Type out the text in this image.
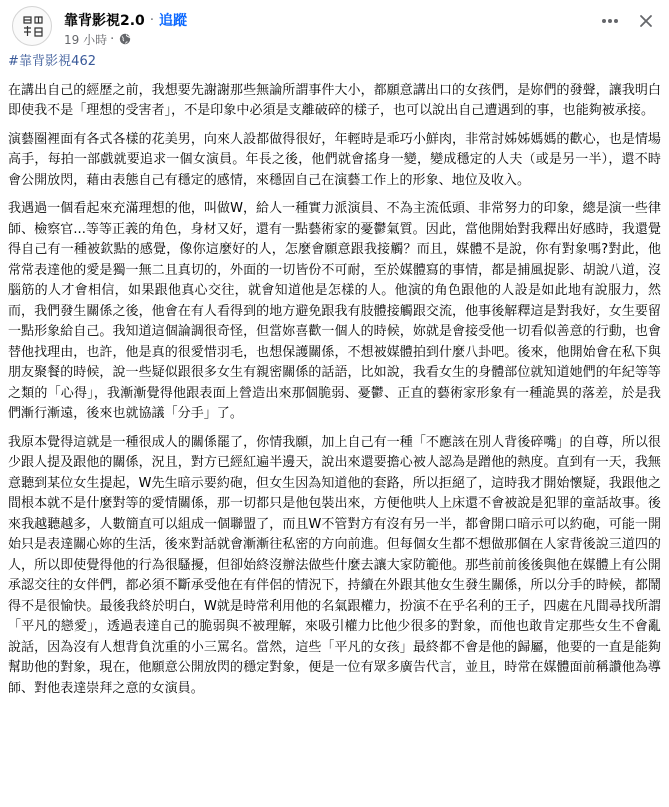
靠背影視2.0 · 追蹤
19 小時 ·
#靠背影視462

在講出自己的經歷之前，我想要先謝謝那些無論所謂事件大小，都願意講出口的女孩們，是妳們的發聲，讓我明白即使我不是「理想的受害者」，不是印象中必須是支離破碎的樣子，也可以說出自己遭遇到的事，也能夠被承接。

演藝圈裡面有各式各樣的花美男，向來人設都做得很好，年輕時是乖巧小鮮肉，非常討姊姊媽媽的歡心，也是情場高手，每拍一部戲就要追求一個女演員。年長之後，他們就會搖身一變，變成穩定的人夫（或是另一半），還不時會公開放閃，藉由表態自己有穩定的感情，來穩固自己在演藝工作上的形象、地位及收入。

我遇過一個看起來充滿理想的他，叫做W，給人一種實力派演員、不為主流低頭、非常努力的印象，總是演一些律師、檢察官...等等正義的角色，身材又好，還有一點藝術家的憂鬱氣質。因此，當他開始對我釋出好感時，我還覺得自己有一種被欽點的感覺，像你這麼好的人，怎麼會願意跟我接觸？而且，媒體不是說，你有對象嗎?對此，他常常表達他的愛是獨一無二且真切的，外面的一切皆份不可耐，至於媒體寫的事情，都是捕風捉影、胡說八道，沒腦筋的人才會相信，如果跟他真心交往，就會知道他是怎樣的人。他演的角色跟他的人設是如此地有說服力，然而，我們發生關係之後，他會在有人看得到的地方避免跟我有肢體接觸跟交流，他事後解釋這是對我好，女生要留一點形象給自己。我知道這個論調很奇怪，但當妳喜歡一個人的時候，妳就是會接受他一切看似善意的行動，也會替他找理由，也許，他是真的很愛惜羽毛，也想保護關係，不想被媒體拍到什麼八卦吧。後來，他開始會在私下與朋友聚餐的時候，說一些疑似跟很多女生有親密關係的話語，比如說，我看女生的身體部位就知道她們的年紀等等之類的「心得」，我漸漸覺得他跟表面上營造出來那個脆弱、憂鬱、正直的藝術家形象有一種詭異的落差，於是我們漸行漸遠，後來也就協議「分手」了。

我原本覺得這就是一種很成人的關係罷了，你情我願，加上自己有一種「不應該在別人背後碎嘴」的自尊，所以很少跟人提及跟他的關係，況且，對方已經紅遍半邊天，說出來還要擔心被人認為是蹭他的熱度。直到有一天，我無意聽到某位女生提起，W先生暗示要約砲，但女生因為知道他的套路，所以拒絕了，這時我才開始懷疑，我跟他之間根本就不是什麼對等的愛情關係，那一切都只是他包裝出來，方便他哄人上床還不會被說是犯罪的童話故事。後來我越聽越多，人數簡直可以組成一個聯盟了，而且W不管對方有沒有另一半，都會開口暗示可以約砲，可能一開始只是表達關心妳的生活，後來對話就會漸漸往私密的方向前進。但每個女生都不想做那個在人家背後說三道四的人，所以即使覺得他的行為很騷擾，但卻始終沒辦法做些什麼去讓大家防範他。那些前前後後與他在媒體上有公開承認交往的女伴們，都必須不斷承受他在有伴侶的情況下，持續在外跟其他女生發生關係，所以分手的時候，都鬧得不是很愉快。最後我終於明白，W就是時常利用他的名氣跟權力，扮演不在乎名利的王子，四處在凡間尋找所謂「平凡的戀愛」，透過表達自己的脆弱與不被理解，來吸引權力比他少很多的對象，而他也敢肯定那些女生不會亂說話，因為沒有人想背負沈重的小三罵名。當然，這些「平凡的女孩」最終都不會是他的歸屬，他要的一直是能夠幫助他的對象，現在，他願意公開放閃的穩定對象，便是一位有眾多廣告代言，並且，時常在媒體面前稱讚他為導師、對他表達崇拜之意的女演員。
